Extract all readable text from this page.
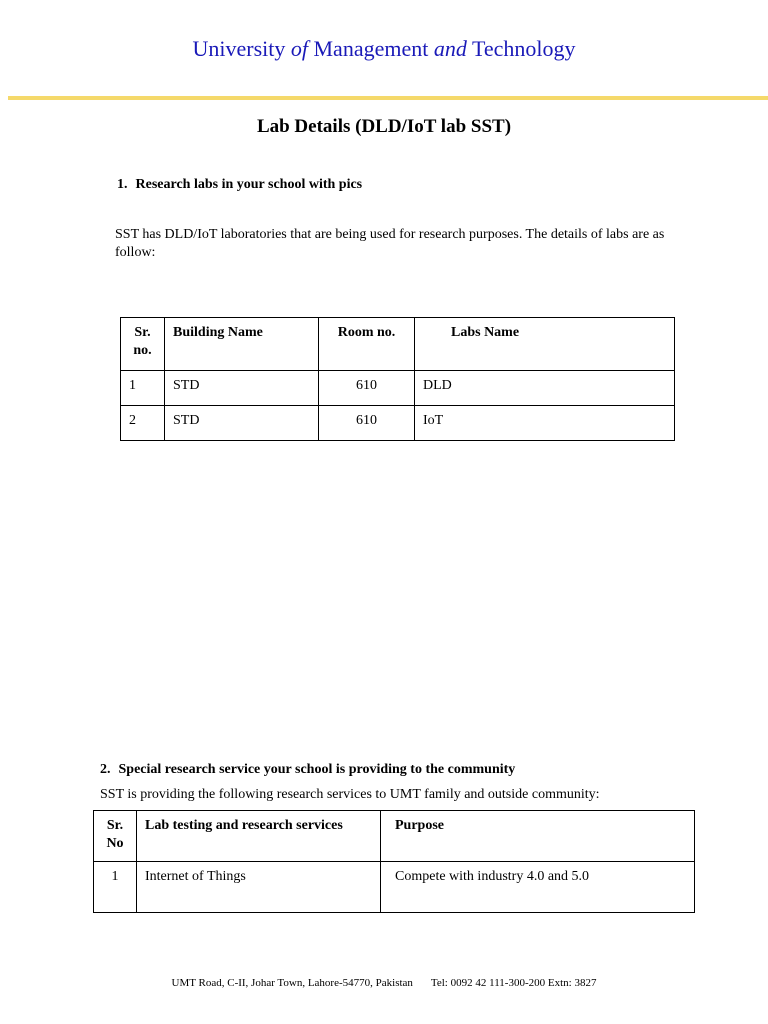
University of Management and Technology
Lab Details (DLD/IoT lab SST)
1. Research labs in your school with pics
SST has DLD/IoT laboratories that are being used for research purposes. The details of labs are as follow:
Sr. no.	Building Name	Room no.	Labs Name
1	STD	610	DLD
2	STD	610	IoT
2. Special research service your school is providing to the community
SST is providing the following research services to UMT family and outside community:
Sr. No	Lab testing and research services	Purpose
1	Internet of Things	Compete with industry 4.0 and 5.0
UMT Road, C-II, Johar Town, Lahore-54770, Pakistan Tel: 0092 42 111-300-200 Extn: 3827
